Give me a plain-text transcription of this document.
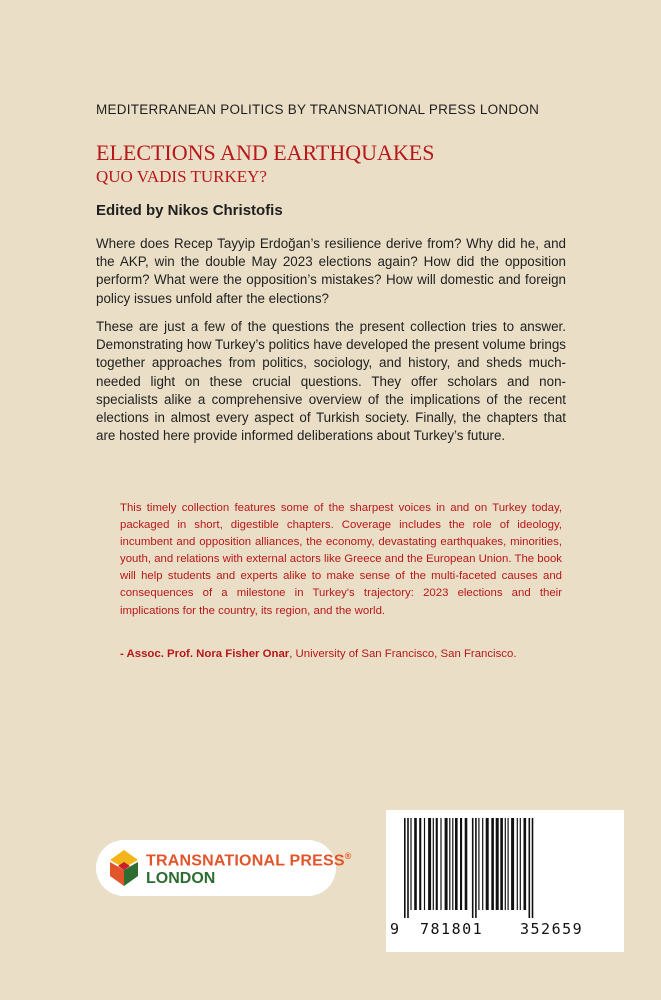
MEDITERRANEAN POLITICS BY TRANSNATIONAL PRESS LONDON
ELECTIONS AND EARTHQUAKES
QUO VADIS TURKEY?
Edited by Nikos Christofis
Where does Recep Tayyip Erdoğan’s resilience derive from? Why did he, and the AKP, win the double May 2023 elections again? How did the opposition perform? What were the opposition’s mistakes? How will domestic and foreign policy issues unfold after the elections?
These are just a few of the questions the present collection tries to answer. Demonstrating how Turkey’s politics have developed the present volume brings together approaches from politics, sociology, and history, and sheds much-needed light on these crucial questions. They offer scholars and non-specialists alike a comprehensive overview of the implications of the recent elections in almost every aspect of Turkish society. Finally, the chapters that are hosted here provide informed deliberations about Turkey’s future.
This timely collection features some of the sharpest voices in and on Turkey today, packaged in short, digestible chapters. Coverage includes the role of ideology, incumbent and opposition alliances, the economy, devastating earthquakes, minorities, youth, and relations with external actors like Greece and the European Union. The book will help students and experts alike to make sense of the multi-faceted causes and consequences of a milestone in Turkey's trajectory: 2023 elections and their implications for the country, its region, and the world.
- Assoc. Prof. Nora Fisher Onar, University of San Francisco, San Francisco.
TRANSNATIONAL PRESS®
LONDON
9 781801 352659
